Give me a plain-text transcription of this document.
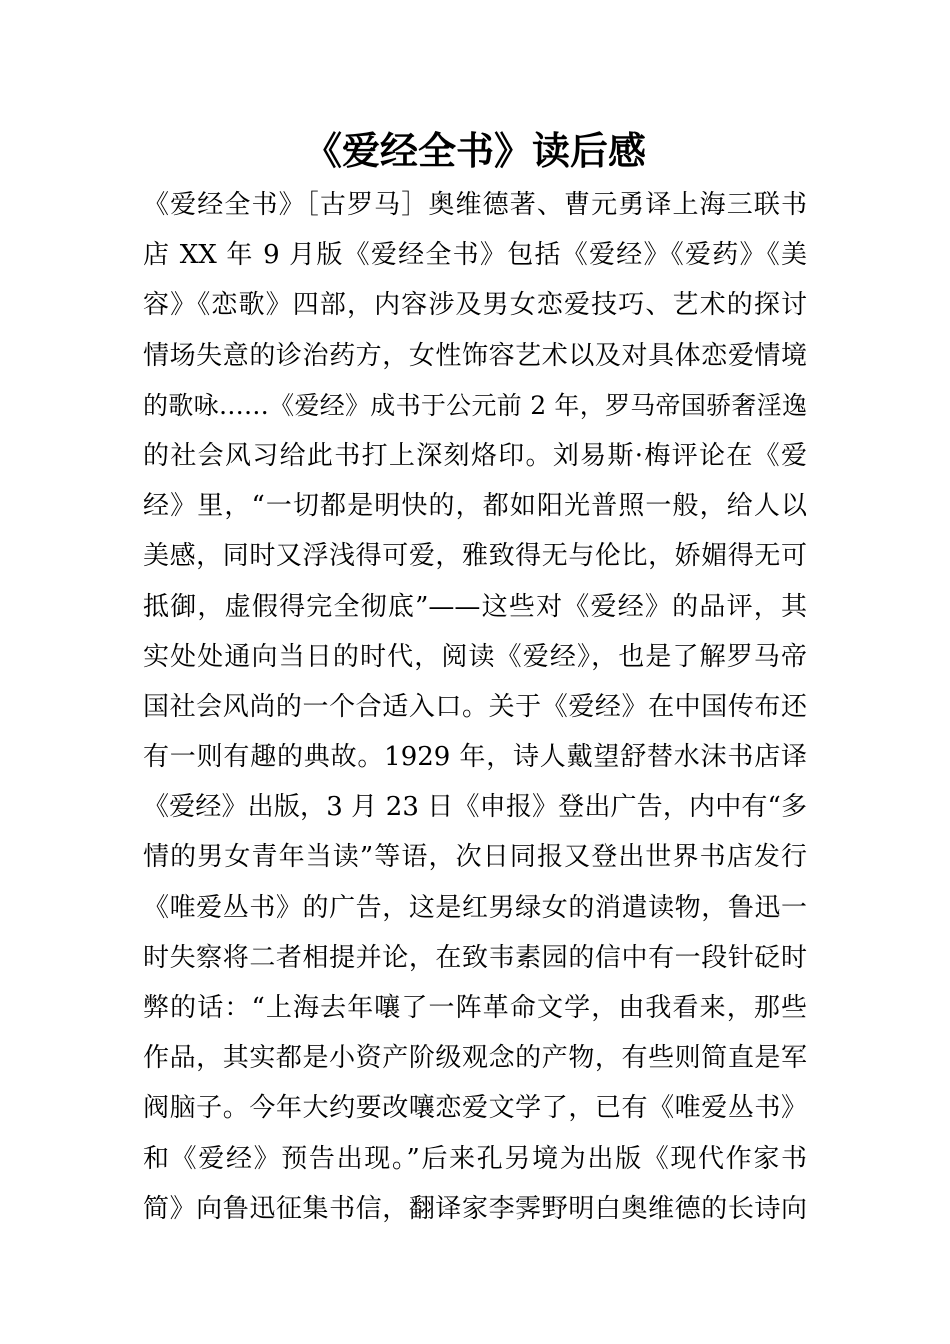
《爱经全书》读后感
《爱经全书》［古罗马］奥维德著、曹元勇译上海三联书
店 XX 年 9 月版《爱经全书》包括《爱经》《爱药》《美
容》《恋歌》四部，内容涉及男女恋爱技巧、艺术的探讨
情场失意的诊治药方，女性饰容艺术以及对具体恋爱情境
的歌咏……《爱经》成书于公元前 2 年，罗马帝国骄奢淫逸
的社会风习给此书打上深刻烙印。刘易斯·梅评论在《爱
经》里，“一切都是明快的，都如阳光普照一般，给人以
美感，同时又浮浅得可爱，雅致得无与伦比，娇媚得无可
抵御，虚假得完全彻底”——这些对《爱经》的品评，其
实处处通向当日的时代，阅读《爱经》，也是了解罗马帝
国社会风尚的一个合适入口。关于《爱经》在中国传布还
有一则有趣的典故。1929 年，诗人戴望舒替水沫书店译
《爱经》出版，3 月 23 日《申报》登出广告，内中有“多
情的男女青年当读”等语，次日同报又登出世界书店发行
《唯爱丛书》的广告，这是红男绿女的消遣读物，鲁迅一
时失察将二者相提并论，在致韦素园的信中有一段针砭时
弊的话：“上海去年嚷了一阵革命文学，由我看来，那些
作品，其实都是小资产阶级观念的产物，有些则简直是军
阀脑子。今年大约要改嚷恋爱文学了，已有《唯爱丛书》
和《爱经》预告出现。”后来孔另境为出版《现代作家书
简》向鲁迅征集书信，翻译家李霁野明白奥维德的长诗向
